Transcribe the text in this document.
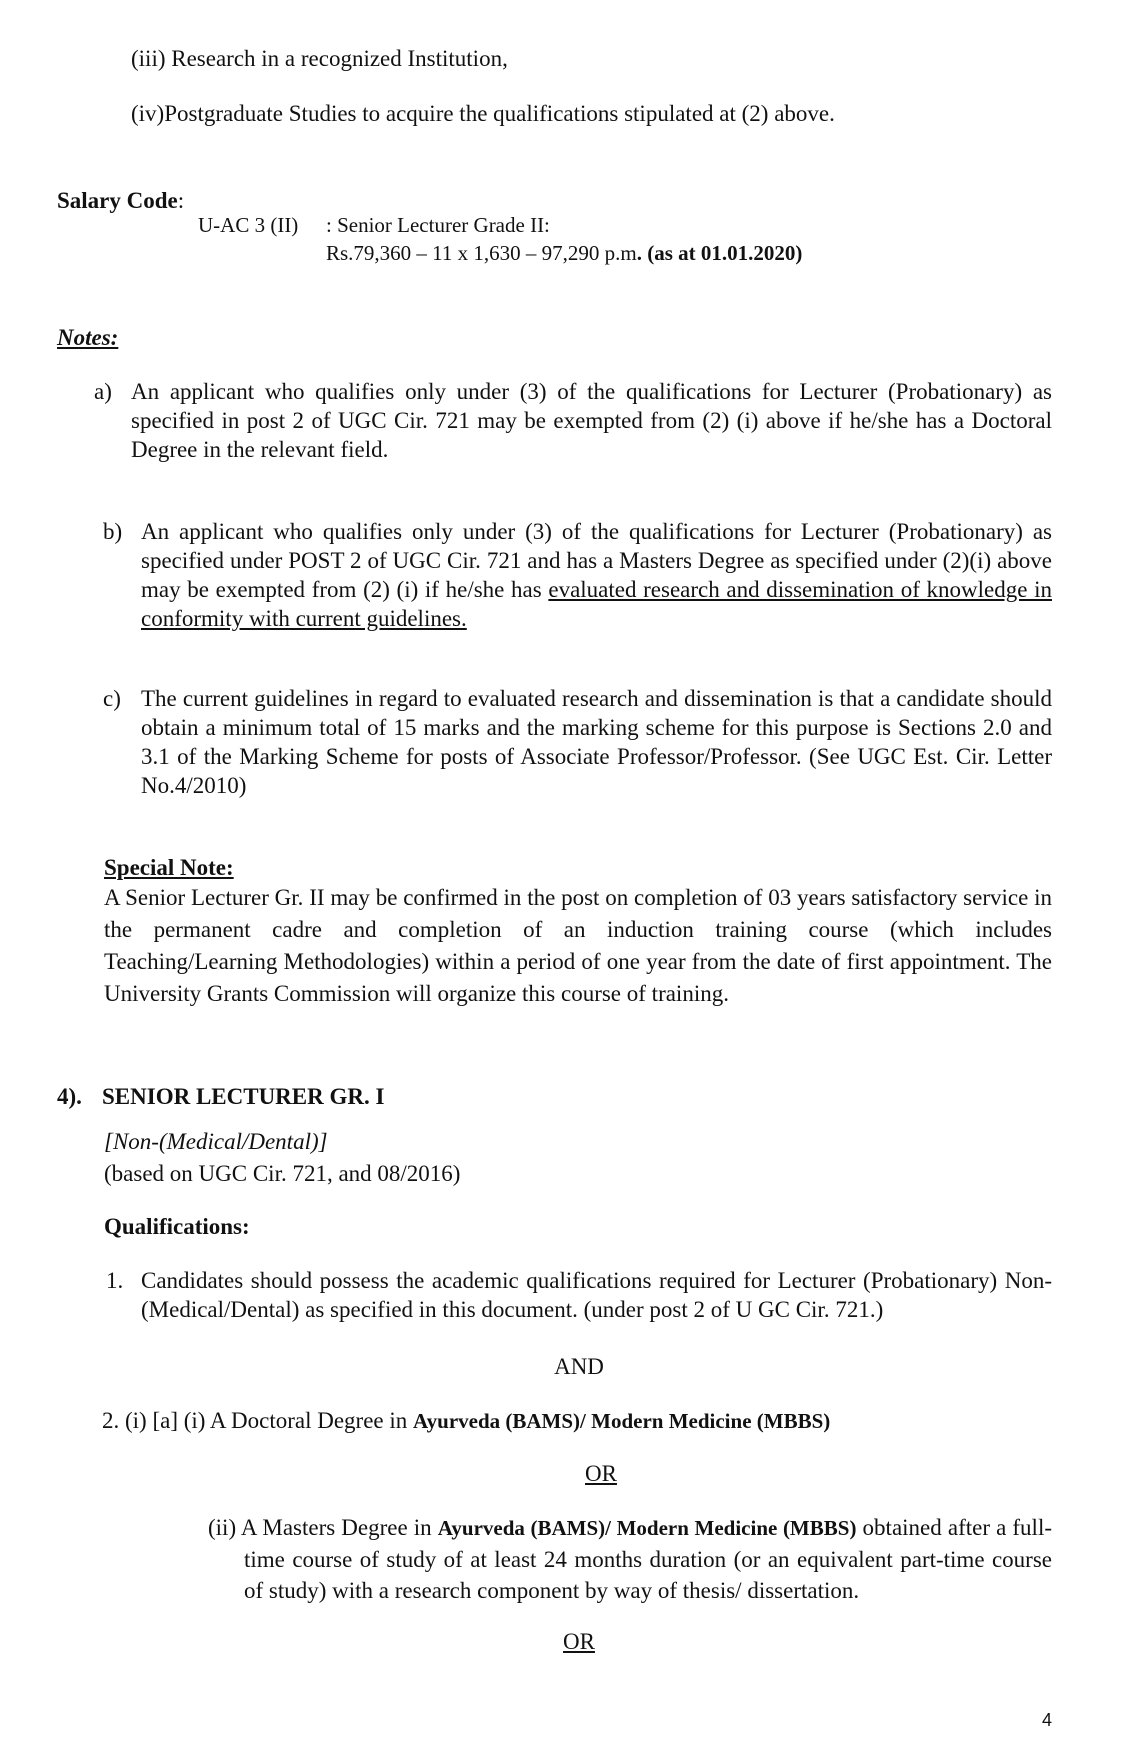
(iii) Research in a recognized Institution,
(iv)Postgraduate Studies to acquire the qualifications stipulated at (2) above.
Salary Code:
U-AC 3 (II) : Senior Lecturer Grade II:
Rs.79,360 – 11 x 1,630 – 97,290 p.m. (as at 01.01.2020)
Notes:
a) An applicant who qualifies only under (3) of the qualifications for Lecturer (Probationary) as specified in post 2 of UGC Cir. 721 may be exempted from (2) (i) above if he/she has a Doctoral Degree in the relevant field.
b) An applicant who qualifies only under (3) of the qualifications for Lecturer (Probationary) as specified under POST 2 of UGC Cir. 721 and has a Masters Degree as specified under (2)(i) above may be exempted from (2) (i) if he/she has evaluated research and dissemination of knowledge in conformity with current guidelines.
c) The current guidelines in regard to evaluated research and dissemination is that a candidate should obtain a minimum total of 15 marks and the marking scheme for this purpose is Sections 2.0 and 3.1 of the Marking Scheme for posts of Associate Professor/Professor. (See UGC Est. Cir. Letter No.4/2010)
Special Note:
A Senior Lecturer Gr. II may be confirmed in the post on completion of 03 years satisfactory service in the permanent cadre and completion of an induction training course (which includes Teaching/Learning Methodologies) within a period of one year from the date of first appointment. The University Grants Commission will organize this course of training.
4). SENIOR LECTURER GR. I
[Non-(Medical/Dental)]
(based on UGC Cir. 721, and 08/2016)
Qualifications:
1. Candidates should possess the academic qualifications required for Lecturer (Probationary) Non- (Medical/Dental) as specified in this document. (under post 2 of U GC Cir. 721.)
AND
2. (i) [a] (i) A Doctoral Degree in Ayurveda (BAMS)/ Modern Medicine (MBBS)
OR
(ii) A Masters Degree in Ayurveda (BAMS)/ Modern Medicine (MBBS) obtained after a full-time course of study of at least 24 months duration (or an equivalent part-time course of study) with a research component by way of thesis/ dissertation.
OR
4
